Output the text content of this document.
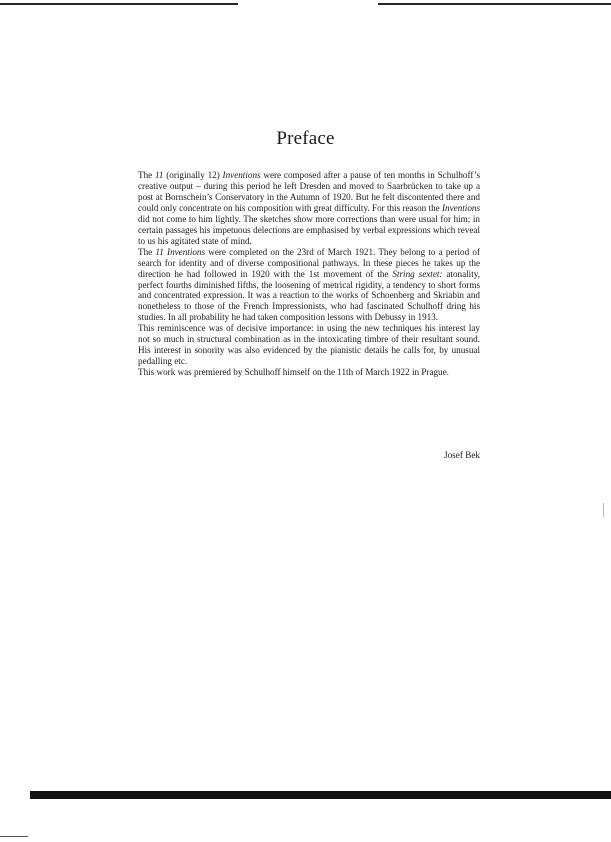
Preface

The 11 (originally 12) Inventions were composed after a pause of ten months in Schulhoff’s creative output – during this period he left Dresden and moved to Saarbrücken to take up a post at Bornschein’s Conservatory in the Autumn of 1920. But he felt discontented there and could only concentrate on his composition with great difficulty. For this reason the Inventions did not come to him lightly. The sketches show more corrections than were usual for him; in certain passages his impetuous delections are emphasised by verbal expressions which reveal to us his agitated state of mind.

The 11 Inventions were completed on the 23rd of March 1921. They belong to a period of search for identity and of diverse compositional pathways. In these pieces he takes up the direction he had followed in 1920 with the 1st movement of the String sextet: atonality, perfect fourths diminished fifths, the loosening of metrical rigidity, a tendency to short forms and concentrated expression. It was a reaction to the works of Schoenberg and Skriabin and nonetheless to those of the French Impressionists, who had fascinated Schulhoff dring his studies. In all probability he had taken composition lessons with Debussy in 1913.

This reminiscence was of decisive importance: in using the new techniques his interest lay not so much in structural combination as in the intoxicating timbre of their resultant sound. His interest in sonority was also evidenced by the pianistic details he calls for, by unusual pedalling etc.

This work was premiered by Schulhoff himself on the 11th of March 1922 in Prague.

Josef Bek
